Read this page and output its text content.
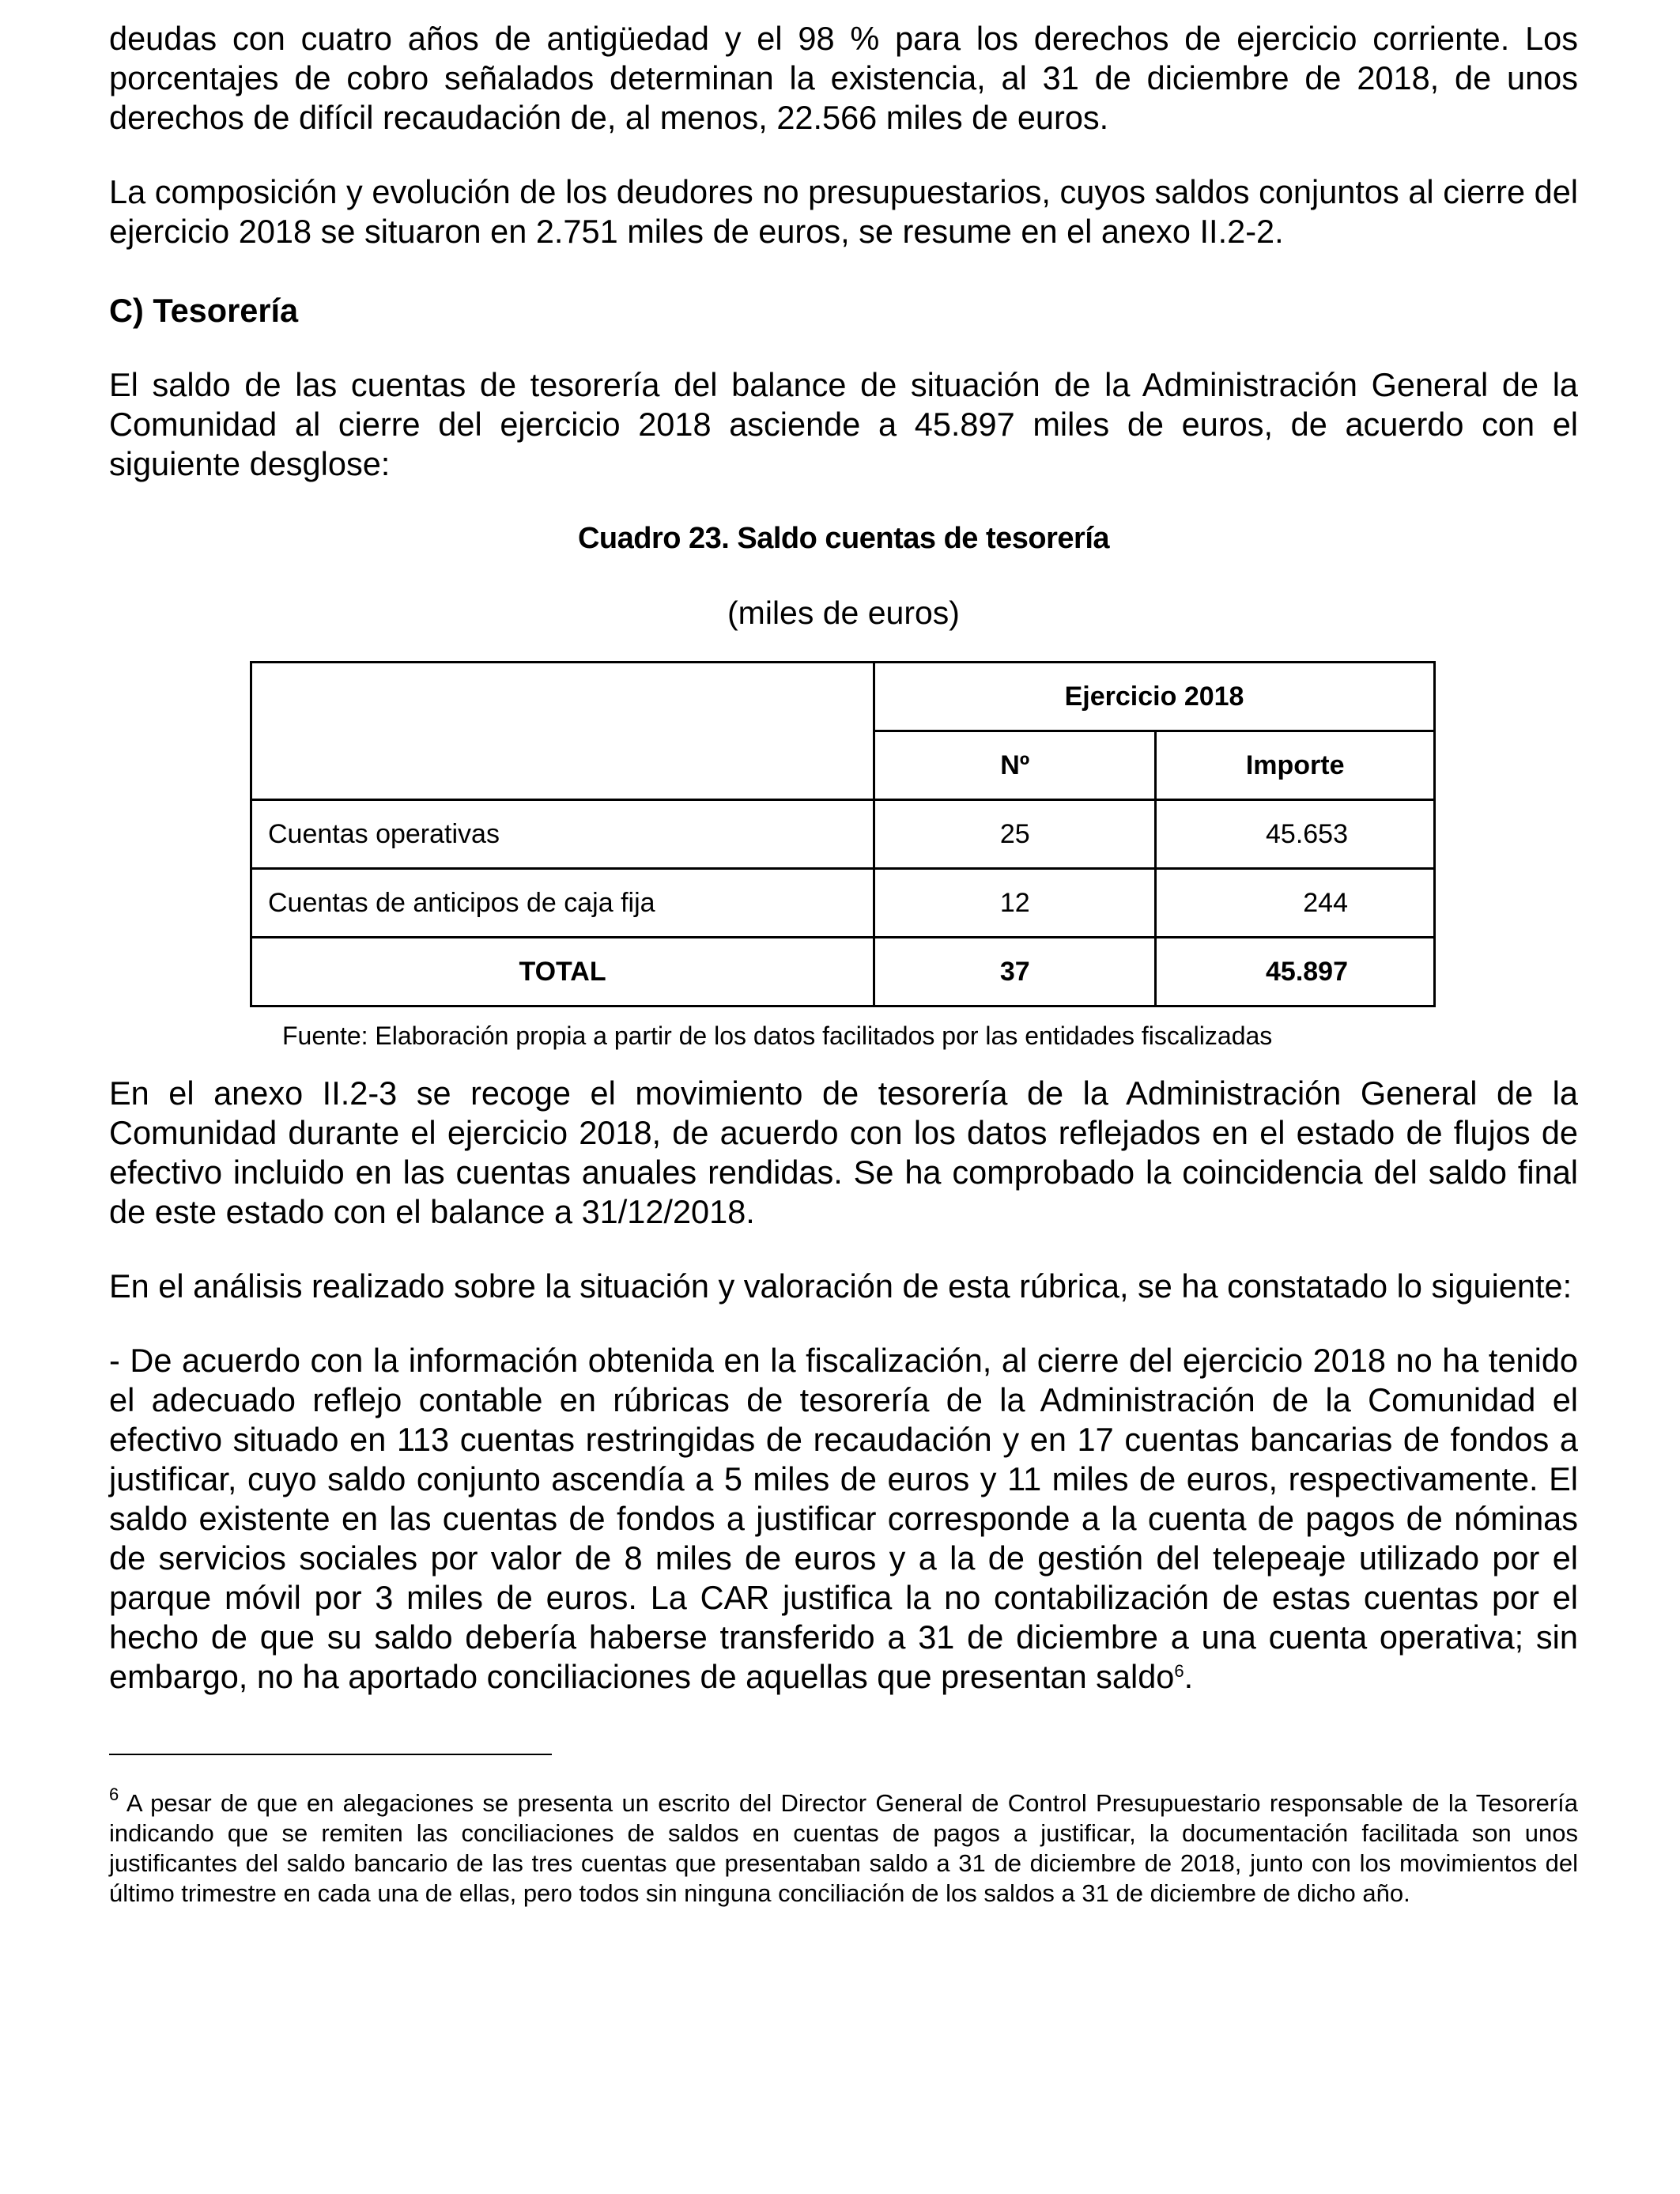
deudas con cuatro años de antigüedad y el 98 % para los derechos de ejercicio corriente. Los porcentajes de cobro señalados determinan la existencia, al 31 de diciembre de 2018, de unos derechos de difícil recaudación de, al menos, 22.566 miles de euros.

La composición y evolución de los deudores no presupuestarios, cuyos saldos conjuntos al cierre del ejercicio 2018 se situaron en 2.751 miles de euros, se resume en el anexo II.2-2.

C) Tesorería

El saldo de las cuentas de tesorería del balance de situación de la Administración General de la Comunidad al cierre del ejercicio 2018 asciende a 45.897 miles de euros, de acuerdo con el siguiente desglose:

Cuadro 23. Saldo cuentas de tesorería

(miles de euros)

	Ejercicio 2018	
	Nº	Importe
Cuentas operativas	25	45.653
Cuentas de anticipos de caja fija	12	244
TOTAL	37	45.897

Fuente: Elaboración propia a partir de los datos facilitados por las entidades fiscalizadas

En el anexo II.2-3 se recoge el movimiento de tesorería de la Administración General de la Comunidad durante el ejercicio 2018, de acuerdo con los datos reflejados en el estado de flujos de efectivo incluido en las cuentas anuales rendidas. Se ha comprobado la coincidencia del saldo final de este estado con el balance a 31/12/2018.

En el análisis realizado sobre la situación y valoración de esta rúbrica, se ha constatado lo siguiente:

- De acuerdo con la información obtenida en la fiscalización, al cierre del ejercicio 2018 no ha tenido el adecuado reflejo contable en rúbricas de tesorería de la Administración de la Comunidad el efectivo situado en 113 cuentas restringidas de recaudación y en 17 cuentas bancarias de fondos a justificar, cuyo saldo conjunto ascendía a 5 miles de euros y 11 miles de euros, respectivamente. El saldo existente en las cuentas de fondos a justificar corresponde a la cuenta de pagos de nóminas de servicios sociales por valor de 8 miles de euros y a la de gestión del telepeaje utilizado por el parque móvil por 3 miles de euros. La CAR justifica la no contabilización de estas cuentas por el hecho de que su saldo debería haberse transferido a 31 de diciembre a una cuenta operativa; sin embargo, no ha aportado conciliaciones de aquellas que presentan saldo$^6$.

$^6$ A pesar de que en alegaciones se presenta un escrito del Director General de Control Presupuestario responsable de la Tesorería indicando que se remiten las conciliaciones de saldos en cuentas de pagos a justificar, la documentación facilitada son unos justificantes del saldo bancario de las tres cuentas que presentaban saldo a 31 de diciembre de 2018, junto con los movimientos del último trimestre en cada una de ellas, pero todos sin ninguna conciliación de los saldos a 31 de diciembre de dicho año.
